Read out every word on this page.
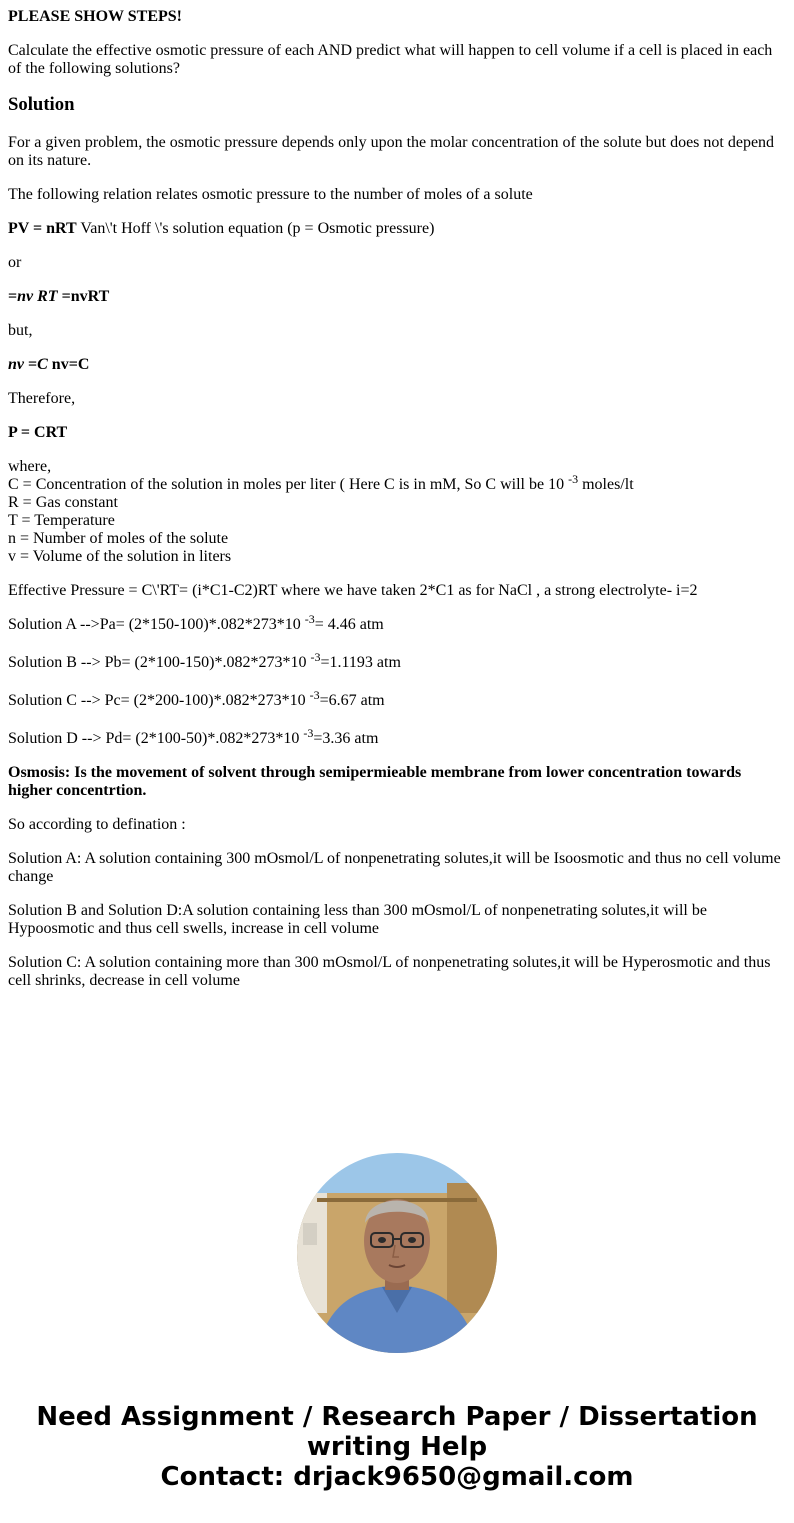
PLEASE SHOW STEPS!

Calculate the effective osmotic pressure of each AND predict what will happen to cell volume if a cell is placed in each of the following solutions?

Solution

For a given problem, the osmotic pressure depends only upon the molar concentration of the solute but does not depend on its nature.

The following relation relates osmotic pressure to the number of moles of a solute

PV = nRT Van\'t Hoff \'s solution equation (p = Osmotic pressure)

or

=nv RT =nvRT

but,

nv =C nv=C

Therefore,

P = CRT

where,
C = Concentration of the solution in moles per liter ( Here C is in mM, So C will be 10 $^{-3}$ moles/lt
R = Gas constant
T = Temperature
n = Number of moles of the solute
v = Volume of the solution in liters

Effective Pressure = C\'RT= (i*C1-C2)RT where we have taken 2*C1 as for NaCl , a strong electrolyte- i=2

Solution A -->Pa= (2*150-100)*.082*273*10 $^{-3}$= 4.46 atm

Solution B --> Pb= (2*100-150)*.082*273*10 $^{-3}$=1.1193 atm

Solution C --> Pc= (2*200-100)*.082*273*10 $^{-3}$=6.67 atm

Solution D --> Pd= (2*100-50)*.082*273*10 $^{-3}$=3.36 atm

Osmosis: Is the movement of solvent through semipermieable membrane from lower concentration towards higher concentrtion.

So according to defination :

Solution A: A solution containing 300 mOsmol/L of nonpenetrating solutes,it will be Isoosmotic and thus no cell volume change

Solution B and Solution D:A solution containing less than 300 mOsmol/L of nonpenetrating solutes,it will be Hypoosmotic and thus cell swells, increase in cell volume

Solution C: A solution containing more than 300 mOsmol/L of nonpenetrating solutes,it will be Hyperosmotic and thus cell shrinks, decrease in cell volume

Need Assignment / Research Paper / Dissertation
writing Help
Contact: drjack9650@gmail.com
